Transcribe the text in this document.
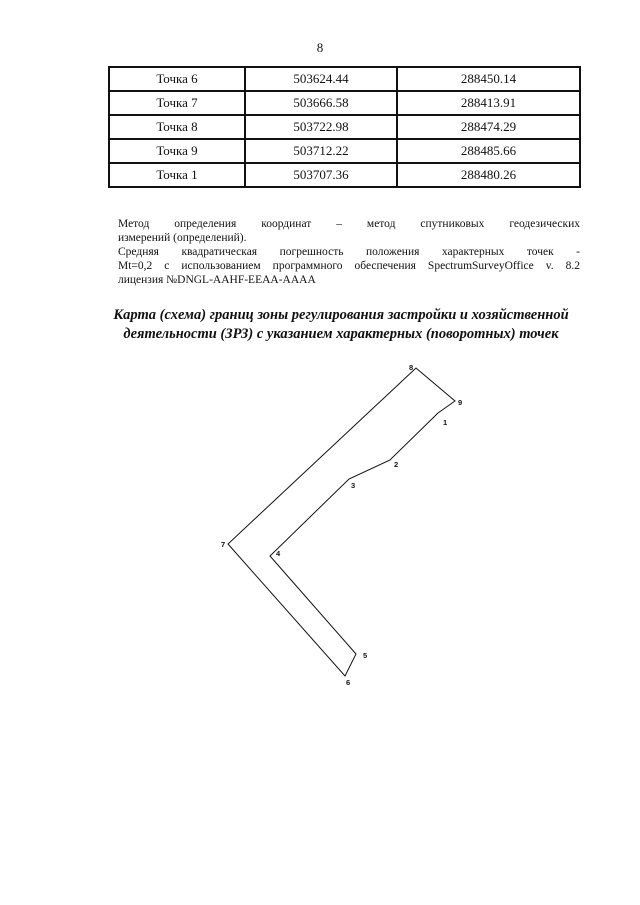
8
Точка 6	503624.44	288450.14
Точка 7	503666.58	288413.91
Точка 8	503722.98	288474.29
Точка 9	503712.22	288485.66
Точка 1	503707.36	288480.26
Метод определения координат – метод спутниковых геодезических
измерений (определений).
Средняя квадратическая погрешность положения характерных точек -
Mt=0,2 с использованием программного обеспечения SpectrumSurveyOffice v. 8.2
лицензия №DNGL-AAHF-EEAA-AAAA
Карта (схема) границ зоны регулирования застройки и хозяйственной
деятельности (ЗРЗ) с указанием характерных (поворотных) точек
1
2
3
4
5
6
7
8
9
